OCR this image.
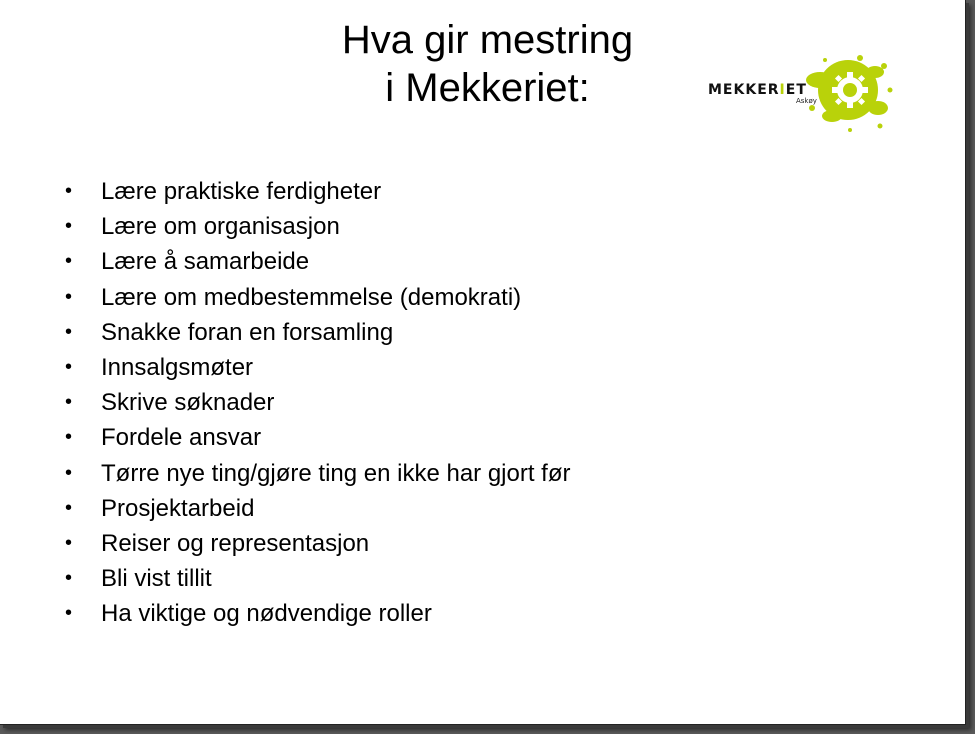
Hva gir mestring
i Mekkeriet:	MEKKERIET
Askøy
• Lære praktiske ferdigheter
• Lære om organisasjon
• Lære å samarbeide
• Lære om medbestemmelse (demokrati)
• Snakke foran en forsamling
• Innsalgsmøter
• Skrive søknader
• Fordele ansvar
• Tørre nye ting/gjøre ting en ikke har gjort før
• Prosjektarbeid
• Reiser og representasjon
• Bli vist tillit
• Ha viktige og nødvendige roller
